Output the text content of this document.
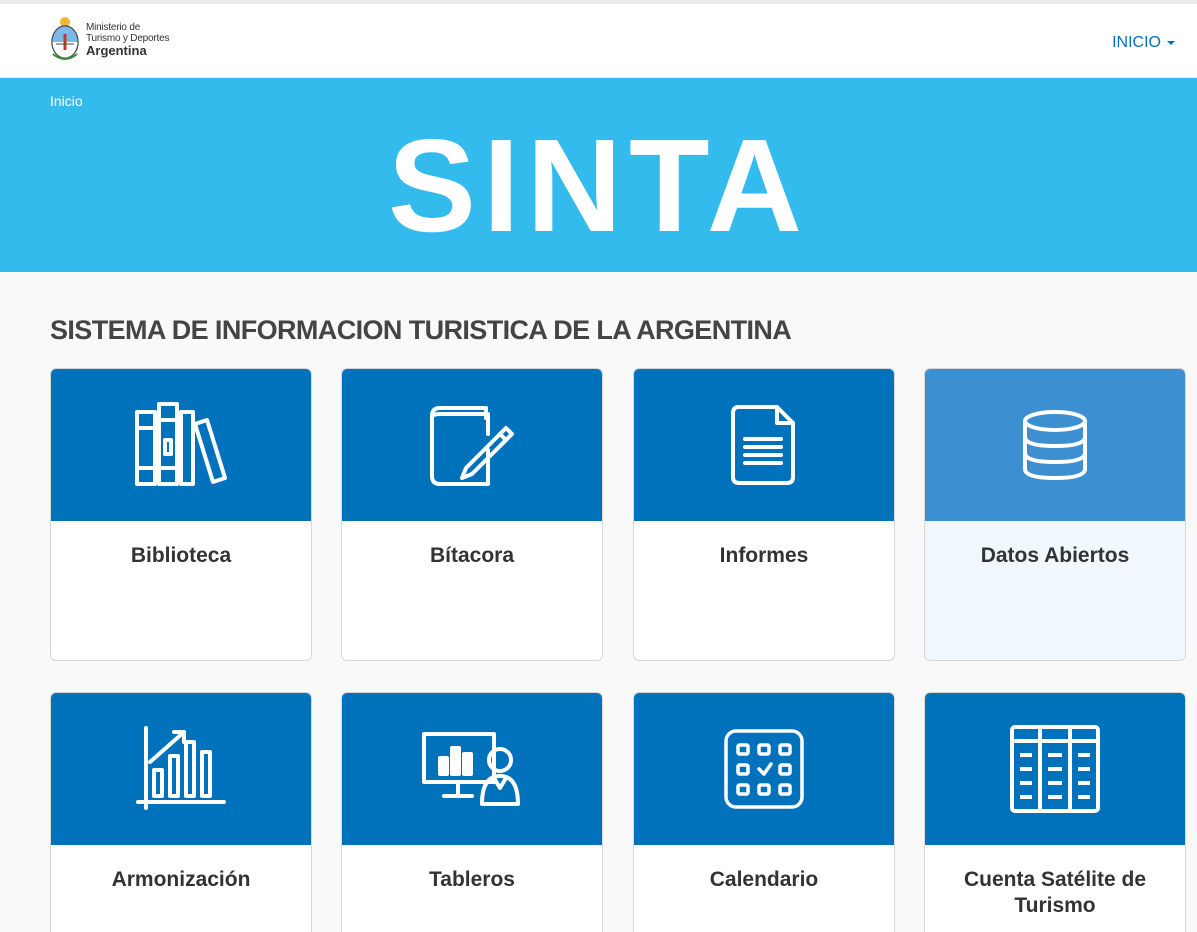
Ministerio de
Turismo y Deportes
Argentina	INICIO
Inicio
SINTA
SISTEMA DE INFORMACION TURISTICA DE LA ARGENTINA
Biblioteca	Bítacora	Informes	Datos Abiertos
Armonización	Tableros	Calendario	Cuenta Satélite de Turismo
